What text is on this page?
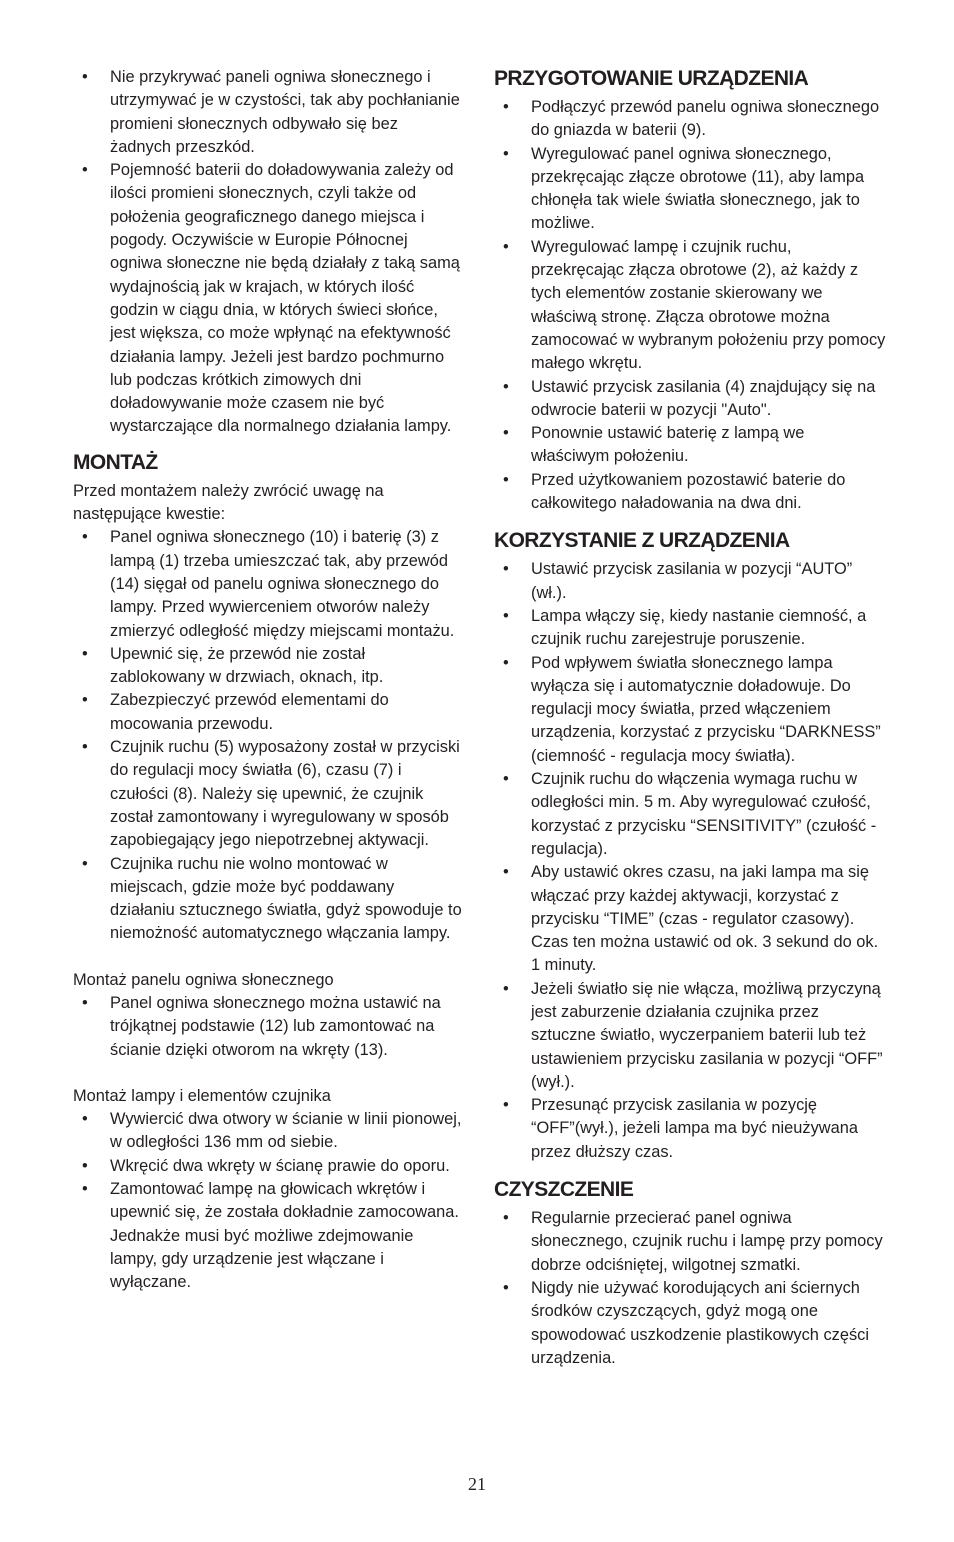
• Nie przykrywać paneli ogniwa słonecznego i utrzymywać je w czystości, tak aby pochłanianie promieni słonecznych odbywało się bez żadnych przeszkód.
• Pojemność baterii do doładowywania zależy od ilości promieni słonecznych, czyli także od położenia geograficznego danego miejsca i pogody. Oczywiście w Europie Północnej ogniwa słoneczne nie będą działały z taką samą wydajnością jak w krajach, w których ilość godzin w ciągu dnia, w których świeci słońce, jest większa, co może wpłynąć na efektywność działania lampy. Jeżeli jest bardzo pochmurno lub podczas krótkich zimowych dni doładowywanie może czasem nie być wystarczające dla normalnego działania lampy.
MONTAŻ

Przed montażem należy zwrócić uwagę na następujące kwestie:

• Panel ogniwa słonecznego (10) i baterię (3) z lampą (1) trzeba umieszczać tak, aby przewód (14) sięgał od panelu ogniwa słonecznego do lampy. Przed wywierceniem otworów należy zmierzyć odległość między miejscami montażu.
• Upewnić się, że przewód nie został zablokowany w drzwiach, oknach, itp.
• Zabezpieczyć przewód elementami do mocowania przewodu.
• Czujnik ruchu (5) wyposażony został w przyciski do regulacji mocy światła (6), czasu (7) i czułości (8). Należy się upewnić, że czujnik został zamontowany i wyregulowany w sposób zapobiegający jego niepotrzebnej aktywacji.
• Czujnika ruchu nie wolno montować w miejscach, gdzie może być poddawany działaniu sztucznego światła, gdyż spowoduje to niemożność automatycznego włączania lampy.

Montaż panelu ogniwa słonecznego

• Panel ogniwa słonecznego można ustawić na trójkątnej podstawie (12) lub zamontować na ścianie dzięki otworom na wkręty (13).

Montaż lampy i elementów czujnika

• Wywiercić dwa otwory w ścianie w linii pionowej, w odległości 136 mm od siebie.
• Wkręcić dwa wkręty w ścianę prawie do oporu.
• Zamontować lampę na głowicach wkrętów i upewnić się, że została dokładnie zamocowana. Jednakże musi być możliwe zdejmowanie lampy, gdy urządzenie jest włączane i wyłączane.
PRZYGOTOWANIE URZĄDZENIA
• Podłączyć przewód panelu ogniwa słonecznego do gniazda w baterii (9).
• Wyregulować panel ogniwa słonecznego, przekręcając złącze obrotowe (11), aby lampa chłonęła tak wiele światła słonecznego, jak to możliwe.
• Wyregulować lampę i czujnik ruchu, przekręcając złącza obrotowe (2), aż każdy z tych elementów zostanie skierowany we właściwą stronę. Złącza obrotowe można zamocować w wybranym położeniu przy pomocy małego wkrętu.
• Ustawić przycisk zasilania (4) znajdujący się na odwrocie baterii w pozycji "Auto".
• Ponownie ustawić baterię z lampą we właściwym położeniu.
• Przed użytkowaniem pozostawić baterie do całkowitego naładowania na dwa dni.
KORZYSTANIE Z URZĄDZENIA
• Ustawić przycisk zasilania w pozycji “AUTO” (wł.).
• Lampa włączy się, kiedy nastanie ciemność, a czujnik ruchu zarejestruje poruszenie.
• Pod wpływem światła słonecznego lampa wyłącza się i automatycznie doładowuje. Do regulacji mocy światła, przed włączeniem urządzenia, korzystać z przycisku “DARKNESS” (ciemność - regulacja mocy światła).
• Czujnik ruchu do włączenia wymaga ruchu w odległości min. 5 m. Aby wyregulować czułość, korzystać z przycisku “SENSITIVITY” (czułość - regulacja).
• Aby ustawić okres czasu, na jaki lampa ma się włączać przy każdej aktywacji, korzystać z przycisku “TIME” (czas - regulator czasowy). Czas ten można ustawić od ok. 3 sekund do ok. 1 minuty.
• Jeżeli światło się nie włącza, możliwą przyczyną jest zaburzenie działania czujnika przez sztuczne światło, wyczerpaniem baterii lub też ustawieniem przycisku zasilania w pozycji “OFF” (wył.).
• Przesunąć przycisk zasilania w pozycję “OFF”(wył.), jeżeli lampa ma być nieużywana przez dłuższy czas.
CZYSZCZENIE
• Regularnie przecierać panel ogniwa słonecznego, czujnik ruchu i lampę przy pomocy dobrze odciśniętej, wilgotnej szmatki.
• Nigdy nie używać korodujących ani ściernych środków czyszczących, gdyż mogą one spowodować uszkodzenie plastikowych części urządzenia.
21
